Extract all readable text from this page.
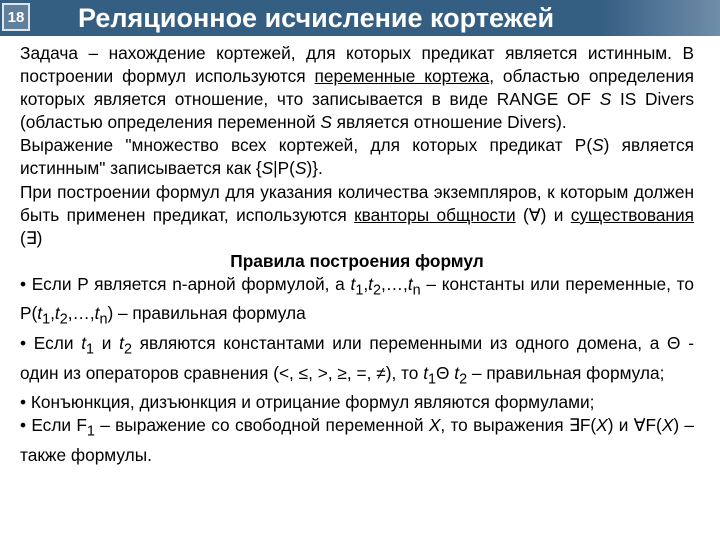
18 Реляционное исчисление кортежей

Задача – нахождение кортежей, для которых предикат является истинным. В построении формул используются переменные кортежа, областью определения которых является отношение, что записывается в виде RANGE OF S IS Divers (областью определения переменной S является отношение Divers).

Выражение "множество всех кортежей, для которых предикат P(S) является истинным" записывается как {S|P(S)}.

При построении формул для указания количества экземпляров, к которым должен быть применен предикат, используются кванторы общности (∀) и существования (∃)

Правила построения формул

• Если P является n-арной формулой, а $t_1,t_2,\dots,t_n$ – константы или переменные, то $P(t_1,t_2,\dots,t_n)$ – правильная формула

• Если $t_1$ и $t_2$ являются константами или переменными из одного домена, а Θ - один из операторов сравнения (<, ≤, >, ≥, =, ≠), то $t_1\Theta$ $t_2$ – правильная формула;

• Конъюнкция, дизъюнкция и отрицание формул являются формулами;

• Если $F_1$ – выражение со свободной переменной X, то выражения ∃F(X) и ∀F(X) – также формулы.
